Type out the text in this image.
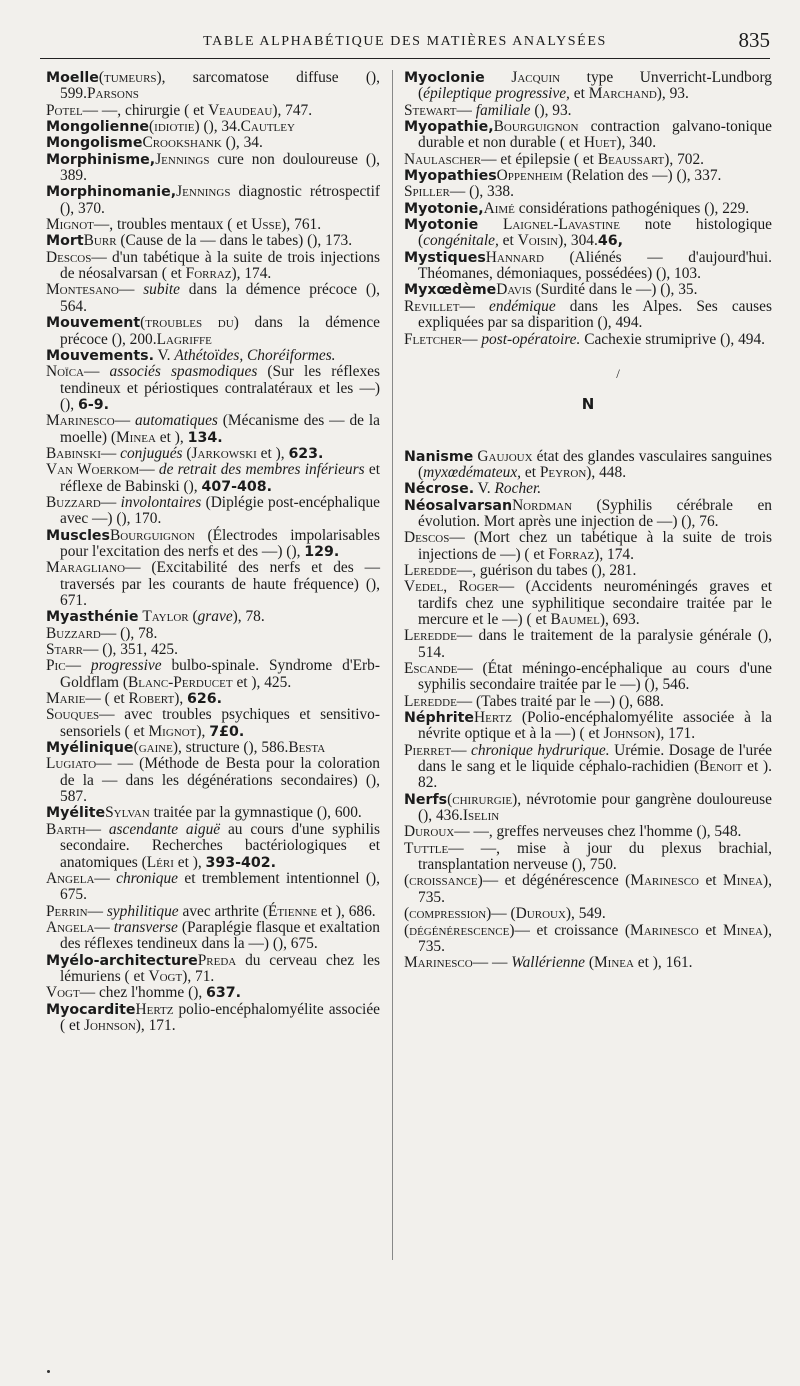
TABLE ALPHABÉTIQUE DES MATIÈRES ANALYSÉES	835
Moelle(tumeurs), sarcomatose diffuse (), 599.Parsons
Potel— —, chirurgie ( et Veaudeau), 747.
Mongolienne(idiotie) (), 34.Cautley
MongolismeCrookshank (), 34.
Morphinisme,Jennings cure non douloureuse (), 389.
Morphinomanie,Jennings diagnostic rétrospectif (), 370.
Mignot—, troubles mentaux ( et Usse), 761.
MortBurr (Cause de la — dans le tabes) (), 173.
Descos— d'un tabétique à la suite de trois injections de néosalvarsan ( et Forraz), 174.
Montesano— subite dans la démence précoce (), 564.
Mouvement(troubles du) dans la démence précoce (), 200.Lagriffe
Mouvements. V. Athétoïdes, Choréiformes.
Noïca— associés spasmodiques (Sur les réflexes tendineux et périostiques contralatéraux et les —) (), 6-9.
Marinesco— automatiques (Mécanisme des — de la moelle) (Minea et ), 134.
Babinski— conjugués (Jarkowski et ), 623.
Van Woerkom— de retrait des membres inférieurs et réflexe de Babinski (), 407-408.
Buzzard— involontaires (Diplégie post-encéphalique avec —) (), 170.
MusclesBourguignon (Électrodes impolarisables pour l'excitation des nerfs et des —) (), 129.
Maragliano— (Excitabilité des nerfs et des — traversés par les courants de haute fréquence) (), 671.
Myasthénie Taylor (grave), 78.
Buzzard— (), 78.
Starr— (), 351, 425.
Pic— progressive bulbo-spinale. Syndrome d'Erb-Goldflam (Blanc-Perducet et ), 425.
Marie— ( et Robert), 626.
Souques— avec troubles psychiques et sensitivo-sensoriels ( et Mignot), 7£0.
Myélinique(gaine), structure (), 586.Besta
Lugiato— — (Méthode de Besta pour la coloration de la — dans les dégénérations secondaires) (), 587.
MyéliteSylvan traitée par la gymnastique (), 600.
Barth— ascendante aiguë au cours d'une syphilis secondaire. Recherches bactériologiques et anatomiques (Léri et ), 393-402.
Angela— chronique et tremblement intentionnel (), 675.
Perrin— syphilitique avec arthrite (Étienne et ), 686.
Angela— transverse (Paraplégie flasque et exaltation des réflexes tendineux dans la —) (), 675.
Myélo-architecturePreda du cerveau chez les lémuriens ( et Vogt), 71.
Vogt— chez l'homme (), 637.
MyocarditeHertz polio-encéphalomyélite associée ( et Johnson), 171.
Myoclonie Jacquin type Unverricht-Lundborg (épileptique progressive, et Marchand), 93.
Stewart— familiale (), 93.
Myopathie,Bourguignon contraction galvano-tonique durable et non durable ( et Huet), 340.
Naulascher— et épilepsie ( et Beaussart), 702.
MyopathiesOppenheim (Relation des —) (), 337.
Spiller— (), 338.
Myotonie,Aimé considérations pathogéniques (), 229.
Myotonie Laignel-Lavastine note histologique (congénitale, et Voisin), 304.46,
MystiquesHannard (Aliénés — d'aujourd'hui. Théomanes, démoniaques, possédées) (), 103.
MyxœdèmeDavis (Surdité dans le —) (), 35.
Revillet— endémique dans les Alpes. Ses causes expliquées par sa disparition (), 494.
Fletcher— post-opératoire. Cachexie strumiprive (), 494.
/
N
Nanisme Gaujoux état des glandes vasculaires sanguines (myxœdémateux, et Peyron), 448.
Nécrose. V. Rocher.
NéosalvarsanNordman (Syphilis cérébrale en évolution. Mort après une injection de —) (), 76.
Descos— (Mort chez un tabétique à la suite de trois injections de —) ( et Forraz), 174.
Leredde—, guérison du tabes (), 281.
Vedel, Roger— (Accidents neuroméningés graves et tardifs chez une syphilitique secondaire traitée par le mercure et le —) ( et Baumel), 693.
Leredde— dans le traitement de la paralysie générale (), 514.
Escande— (État méningo-encéphalique au cours d'une syphilis secondaire traitée par le —) (), 546.
Leredde— (Tabes traité par le —) (), 688.
NéphriteHertz (Polio-encéphalomyélite associée à la névrite optique et à la —) ( et Johnson), 171.
Pierret— chronique hydrurique. Urémie. Dosage de l'urée dans le sang et le liquide céphalo-rachidien (Benoit et ). 82.
Nerfs(chirurgie), névrotomie pour gangrène douloureuse (), 436.Iselin
Duroux— —, greffes nerveuses chez l'homme (), 548.
Tuttle— —, mise à jour du plexus brachial, transplantation nerveuse (), 750.
(croissance)— et dégénérescence (Marinesco et Minea), 735.
(compression)— (Duroux), 549.
(dégénérescence)— et croissance (Marinesco et Minea), 735.
Marinesco— — Wallérienne (Minea et ), 161.
